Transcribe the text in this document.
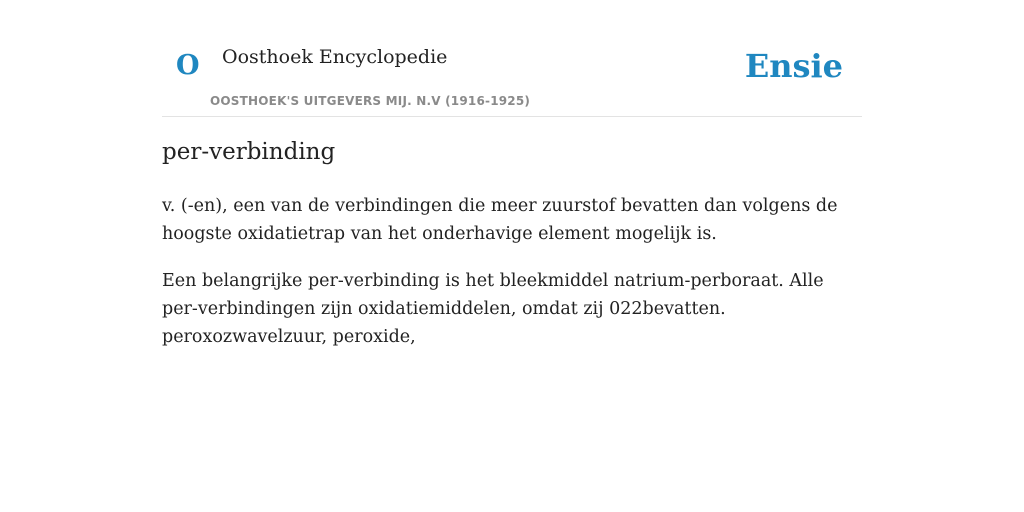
O Oosthoek Encyclopedie
OOSTHOEK'S UITGEVERS MIJ. N.V (1916-1925)
Ensie
per-verbinding

v. (-en), een van de verbindingen die meer zuurstof bevatten dan volgens de hoogste oxidatietrap van het onderhavige element mogelijk is.

Een belangrijke per-verbinding is het bleekmiddel natrium-perboraat. Alle per-verbindingen zijn oxidatiemiddelen, omdat zij 022bevatten. peroxozwavelzuur, peroxide,
